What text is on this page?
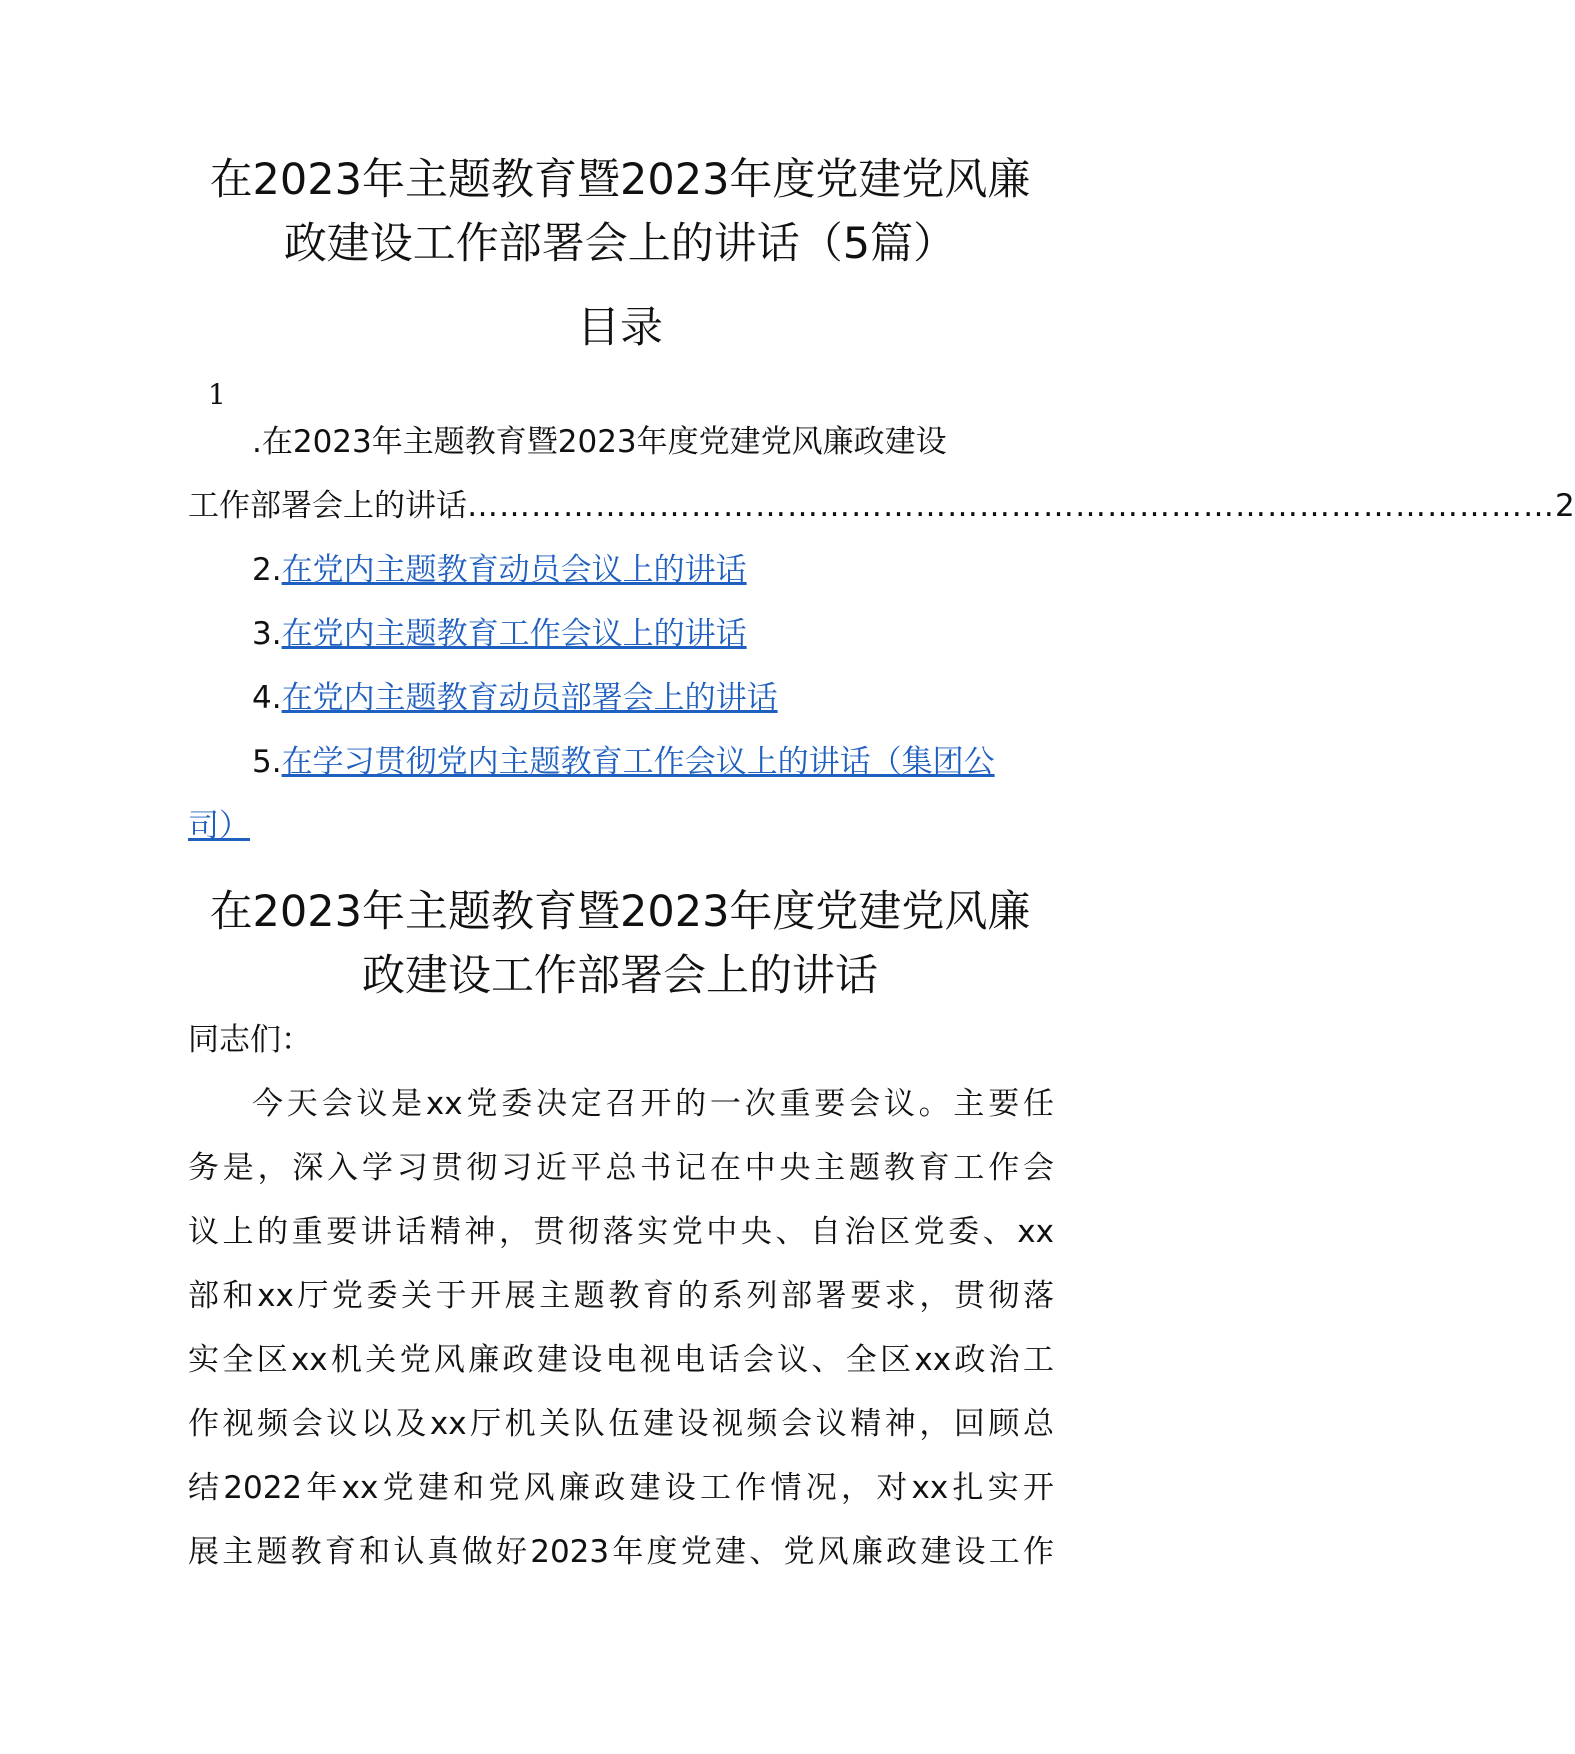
在2023年主题教育暨2023年度党建党风廉
政建设工作部署会上的讲话（5篇）
目录
1
.在2023年主题教育暨2023年度党建党风廉政建设
工作部署会上的讲话 ………………………………………………………………………………………… 2
2.在党内主题教育动员会议上的讲话
3.在党内主题教育工作会议上的讲话
4.在党内主题教育动员部署会上的讲话
5.在学习贯彻党内主题教育工作会议上的讲话（集团公
司）
在2023年主题教育暨2023年度党建党风廉
政建设工作部署会上的讲话
同志们：
今天会议是xx党委决定召开的一次重要会议。主要任
务是，深入学习贯彻习近平总书记在中央主题教育工作会
议上的重要讲话精神，贯彻落实党中央、自治区党委、xx
部和xx厅党委关于开展主题教育的系列部署要求，贯彻落
实全区xx机关党风廉政建设电视电话会议、全区xx政治工
作视频会议以及xx厅机关队伍建设视频会议精神，回顾总
结2022年xx党建和党风廉政建设工作情况，对xx扎实开
展主题教育和认真做好2023年度党建、党风廉政建设工作
